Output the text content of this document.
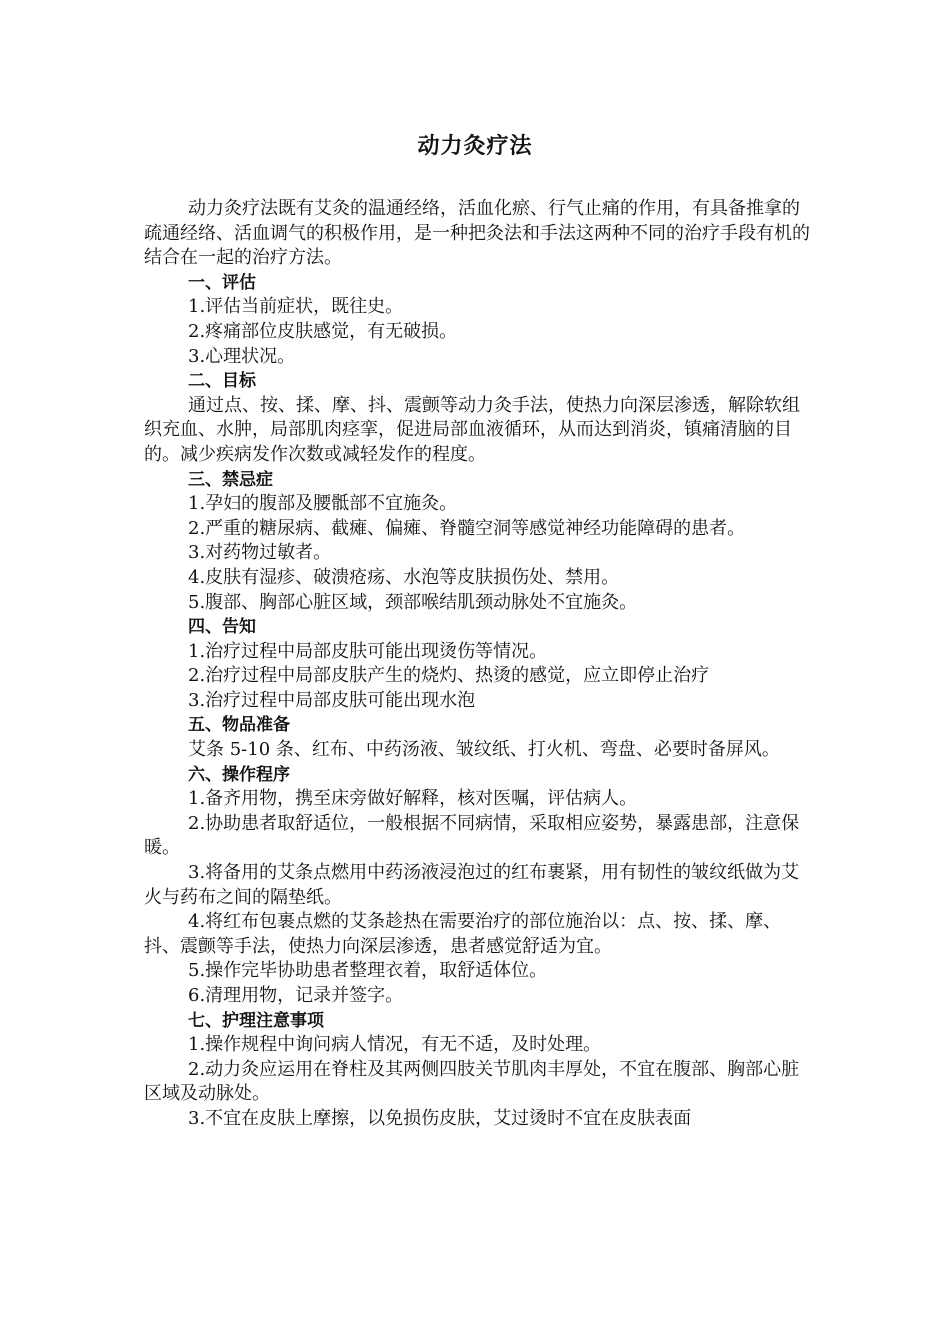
动力灸疗法

动力灸疗法既有艾灸的温通经络，活血化瘀、行气止痛的作用，有具备推拿的疏通经络、活血调气的积极作用，是一种把灸法和手法这两种不同的治疗手段有机的结合在一起的治疗方法。

一、评估

1.评估当前症状，既往史。

2.疼痛部位皮肤感觉，有无破损。

3.心理状况。

二、目标

通过点、按、揉、摩、抖、震颤等动力灸手法，使热力向深层渗透，解除软组织充血、水肿，局部肌肉痉挛，促进局部血液循环，从而达到消炎，镇痛清脑的目的。减少疾病发作次数或减轻发作的程度。

三、禁忌症

1.孕妇的腹部及腰骶部不宜施灸。

2.严重的糖尿病、截瘫、偏瘫、脊髓空洞等感觉神经功能障碍的患者。

3.对药物过敏者。

4.皮肤有湿疹、破溃疮疡、水泡等皮肤损伤处、禁用。

5.腹部、胸部心脏区域，颈部喉结肌颈动脉处不宜施灸。

四、告知

1.治疗过程中局部皮肤可能出现烫伤等情况。

2.治疗过程中局部皮肤产生的烧灼、热烫的感觉，应立即停止治疗

3.治疗过程中局部皮肤可能出现水泡

五、物品准备

艾条 5-10 条、红布、中药汤液、皱纹纸、打火机、弯盘、必要时备屏风。

六、操作程序

1.备齐用物，携至床旁做好解释，核对医嘱，评估病人。

2.协助患者取舒适位，一般根据不同病情，采取相应姿势，暴露患部，注意保暖。

3.将备用的艾条点燃用中药汤液浸泡过的红布裹紧，用有韧性的皱纹纸做为艾火与药布之间的隔垫纸。

4.将红布包裹点燃的艾条趁热在需要治疗的部位施治以：点、按、揉、摩、抖、震颤等手法，使热力向深层渗透，患者感觉舒适为宜。

5.操作完毕协助患者整理衣着，取舒适体位。

6.清理用物，记录并签字。

七、护理注意事项

1.操作规程中询问病人情况，有无不适，及时处理。

2.动力灸应运用在脊柱及其两侧四肢关节肌肉丰厚处，不宜在腹部、胸部心脏区域及动脉处。

3.不宜在皮肤上摩擦，以免损伤皮肤，艾过烫时不宜在皮肤表面
